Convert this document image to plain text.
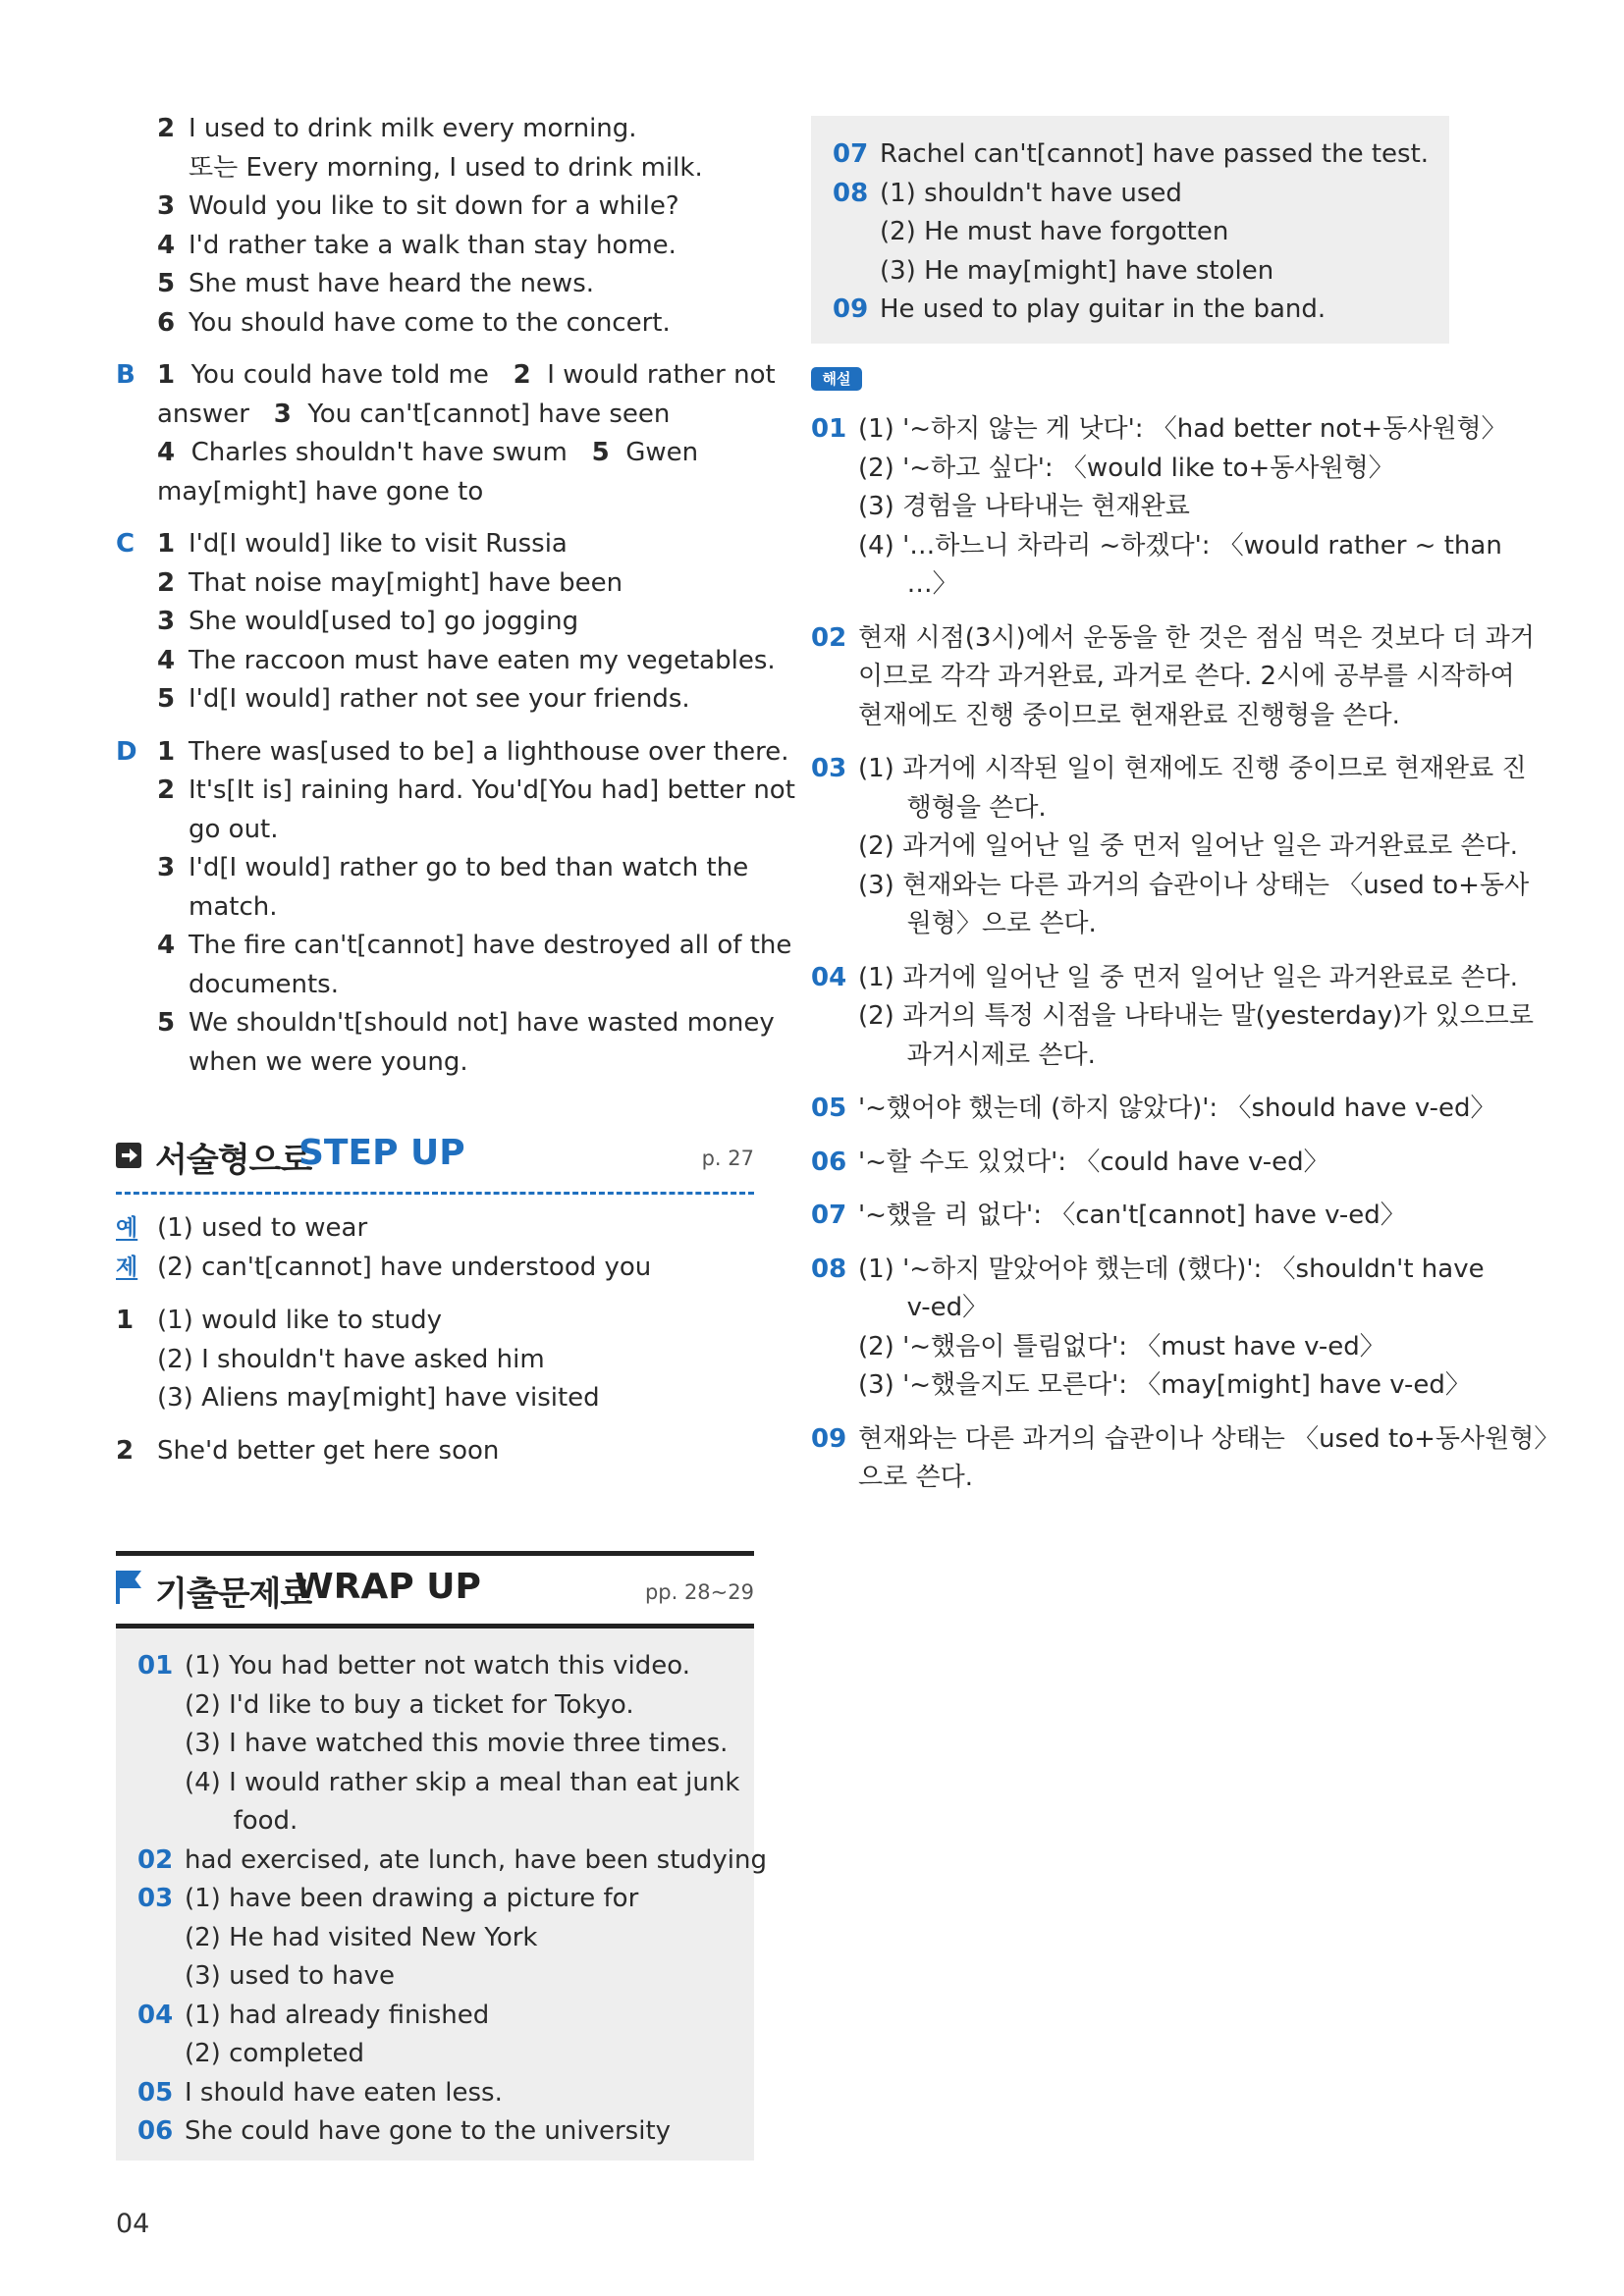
2 I used to drink milk every morning.
또는 Every morning, I used to drink milk.
3 Would you like to sit down for a while?
4 I'd rather take a walk than stay home.
5 She must have heard the news.
6 You should have come to the concert.
B 1 You could have told me 2 I would rather not
answer 3 You can't[cannot] have seen
4 Charles shouldn't have swum 5 Gwen
may[might] have gone to
C 1 I'd[I would] like to visit Russia
2 That noise may[might] have been
3 She would[used to] go jogging
4 The raccoon must have eaten my vegetables.
5 I'd[I would] rather not see your friends.
D 1 There was[used to be] a lighthouse over there.
2 It's[It is] raining hard. You'd[You had] better not
go out.
3 I'd[I would] rather go to bed than watch the
match.
4 The fire can't[cannot] have destroyed all of the
documents.
5 We shouldn't[should not] have wasted money
when we were young.
서술형으로
STEP UP	p. 27
예제
(1) used to wear
(2) can't[cannot] have understood you
1 (1) would like to study
(2) I shouldn't have asked him
(3) Aliens may[might] have visited
2 She'd better get here soon
기출문제로
WRAP UP	pp. 28~29
01 (1) You had better not watch this video.
(2) I'd like to buy a ticket for Tokyo.
(3) I have watched this movie three times.
(4) I would rather skip a meal than eat junk
food.
02 had exercised, ate lunch, have been studying
03 (1) have been drawing a picture for
(2) He had visited New York
(3) used to have
04 (1) had already finished
(2) completed
05 I should have eaten less.
06 She could have gone to the university
07 Rachel can't[cannot] have passed the test.
08 (1) shouldn't have used
(2) He must have forgotten
(3) He may[might] have stolen
09 He used to play guitar in the band.
해설
01 (1) '~하지 않는 게 낫다': 〈had better not+동사원형〉
(2) '~하고 싶다': 〈would like to+동사원형〉
(3) 경험을 나타내는 현재완료
(4) '…하느니 차라리 ~하겠다': 〈would rather ~ than
…〉
02 현재 시점(3시)에서 운동을 한 것은 점심 먹은 것보다 더 과거
이므로 각각 과거완료, 과거로 쓴다. 2시에 공부를 시작하여
현재에도 진행 중이므로 현재완료 진행형을 쓴다.
03 (1) 과거에 시작된 일이 현재에도 진행 중이므로 현재완료 진
행형을 쓴다.
(2) 과거에 일어난 일 중 먼저 일어난 일은 과거완료로 쓴다.
(3) 현재와는 다른 과거의 습관이나 상태는 〈used to+동사
원형〉으로 쓴다.
04 (1) 과거에 일어난 일 중 먼저 일어난 일은 과거완료로 쓴다.
(2) 과거의 특정 시점을 나타내는 말(yesterday)가 있으므로
과거시제로 쓴다.
05 '~했어야 했는데 (하지 않았다)': 〈should have v-ed〉
06 '~할 수도 있었다': 〈could have v-ed〉
07 '~했을 리 없다': 〈can't[cannot] have v-ed〉
08 (1) '~하지 말았어야 했는데 (했다)': 〈shouldn't have
v-ed〉
(2) '~했음이 틀림없다': 〈must have v-ed〉
(3) '~했을지도 모른다': 〈may[might] have v-ed〉
09 현재와는 다른 과거의 습관이나 상태는 〈used to+동사원형〉
으로 쓴다.
04
